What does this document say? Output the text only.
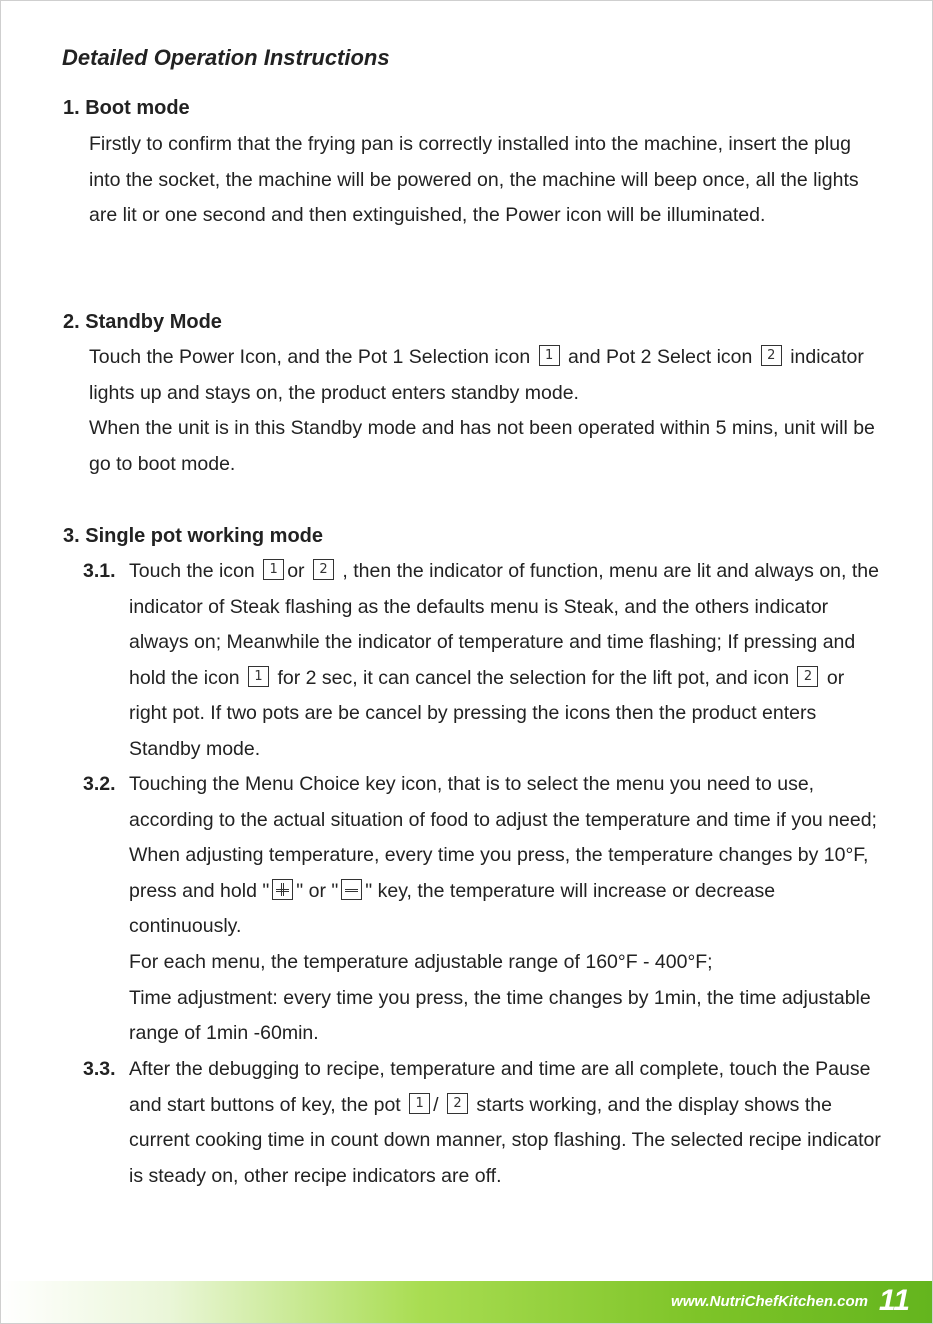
Detailed Operation Instructions
1. Boot mode

Firstly to confirm that the frying pan is correctly installed into the machine, insert the plug into the socket, the machine will be powered on, the machine will beep once, all the lights are lit or one second and then extinguished, the Power icon will be illuminated.

2. Standby Mode

Touch the Power Icon, and the Pot 1 Selection icon	1 and Pot 2 Select icon	2 indicator lights up and stays on, the product enters standby mode.

When the unit is in this Standby mode and has not been operated within 5 mins, unit will be go to boot mode.

3. Single pot working mode
3.1. Touch the icon	1 or	2 , then the indicator of function, menu are lit and always on, the indicator of Steak flashing as the defaults menu is Steak, and the others indicator always on; Meanwhile the indicator of temperature and time flashing; If pressing and hold the icon	1 for 2 sec, it can cancel the selection for the lift pot, and icon	2 or right pot. If two pots are be cancel by pressing the icons then the product enters Standby mode.

3.2. Touching the Menu Choice key icon, that is to select the menu you need to use, according to the actual situation of food to adjust the temperature and time if you need; When adjusting temperature, every time you press, the temperature changes by 10°F, press and hold " " or " " key, the temperature will increase or decrease continuously.

For each menu, the temperature adjustable range of 160°F - 400°F;

Time adjustment: every time you press, the time changes by 1min, the time adjustable range of 1min -60min.

3.3. After the debugging to recipe, temperature and time are all complete, touch the Pause and start buttons of key, the pot	1 /	2 starts working, and the display shows the current cooking time in count down manner, stop flashing. The selected recipe indicator is steady on, other recipe indicators are off.

www.NutriChefKitchen.com 11
